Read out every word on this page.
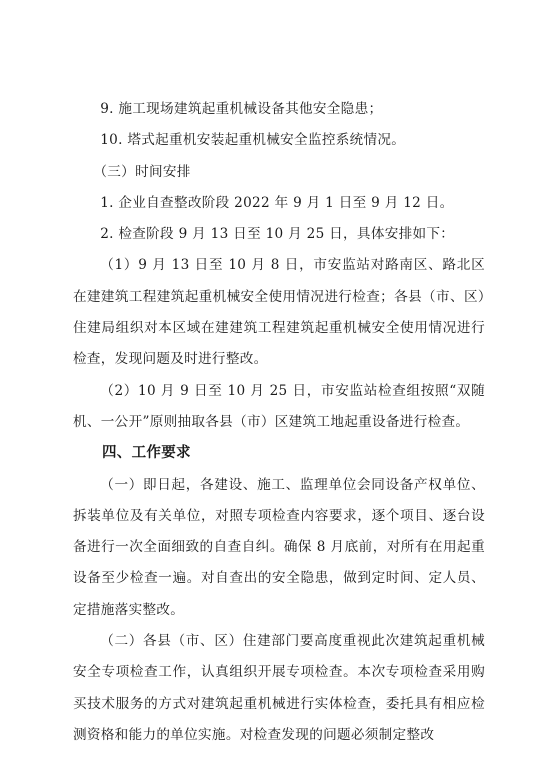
9. 施工现场建筑起重机械设备其他安全隐患；

10. 塔式起重机安装起重机械安全监控系统情况。

（三）时间安排

1. 企业自查整改阶段 2022 年 9 月 1 日至 9 月 12 日。

2. 检查阶段 9 月 13 日至 10 月 25 日，具体安排如下：

（1）9 月 13 日至 10 月 8 日，市安监站对路南区、路北区在建建筑工程建筑起重机械安全使用情况进行检查；各县（市、区）住建局组织对本区域在建建筑工程建筑起重机械安全使用情况进行检查，发现问题及时进行整改。

（2）10 月 9 日至 10 月 25 日，市安监站检查组按照“双随机、一公开”原则抽取各县（市）区建筑工地起重设备进行检查。

四、工作要求

（一）即日起，各建设、施工、监理单位会同设备产权单位、拆装单位及有关单位，对照专项检查内容要求，逐个项目、逐台设备进行一次全面细致的自查自纠。确保 8 月底前，对所有在用起重设备至少检查一遍。对自查出的安全隐患，做到定时间、定人员、定措施落实整改。

（二）各县（市、区）住建部门要高度重视此次建筑起重机械安全专项检查工作，认真组织开展专项检查。本次专项检查采用购买技术服务的方式对建筑起重机械进行实体检查，委托具有相应检测资格和能力的单位实施。对检查发现的问题必须制定整改
